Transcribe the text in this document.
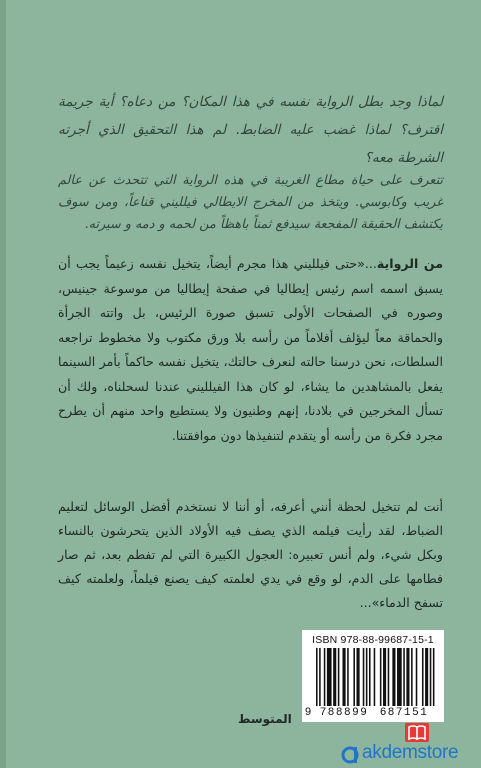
لماذا وجد بطل الرواية نفسه في هذا المكان؟ من دعاه؟ أية جريمة اقترف؟ لماذا غضب عليه الضابط. لم هذا التحقيق الذي أجرته الشرطة معه؟

تتعرف على حياة مطاع الغريبة في هذه الرواية التي تتحدث عن عالم غريب وكابوسي. ويتخذ من المخرج الايطالي فيلليني قناعاً، ومن سوف يكتشف الحقيقة المفجعة سيدفع ثمناً باهظاً من لحمه و دمه و سيرته.

من الرواية...«حتى فيلليني هذا مجرم أيضاً، يتخيل نفسه زعيماً يجب أن يسبق اسمه اسم رئيس إيطاليا في صفحة إيطاليا من موسوعة جينيس، وصوره في الصفحات الأولى تسبق صورة الرئيس، بل واتته الجرأة والحماقة معاً ليؤلف أفلاماً من رأسه بلا ورق مكتوب ولا مخطوط تراجعه السلطات، نحن درسنا حالته لنعرف حالتك، يتخيل نفسه حاكماً بأمر السينما يفعل بالمشاهدين ما يشاء، لو كان هذا الفيلليني عندنا لسحلناه، ولك أن تسأل المخرجين في بلادنا، إنهم وطنيون ولا يستطيع واحد منهم أن يطرح مجرد فكرة من رأسه أو يتقدم لتنفيذها دون موافقتنا.

أنت لم تتخيل لحظة أنني أعرفه، أو أننا لا نستخدم أفضل الوسائل لتعليم الضباط، لقد رأيت فيلمه الذي يصف فيه الأولاد الذين يتحرشون بالنساء وبكل شيء، ولم أنس تعبيره: العجول الكبيرة التي لم تفطم بعد، ثم صار فطامها على الدم، لو وقع في يدي لعلمته كيف يصنع فيلماً، ولعلمته كيف تسفح الدماء»...

ISBN 978-88-99687-15-1
9 788899	687151
المتوسط
akdemstore
